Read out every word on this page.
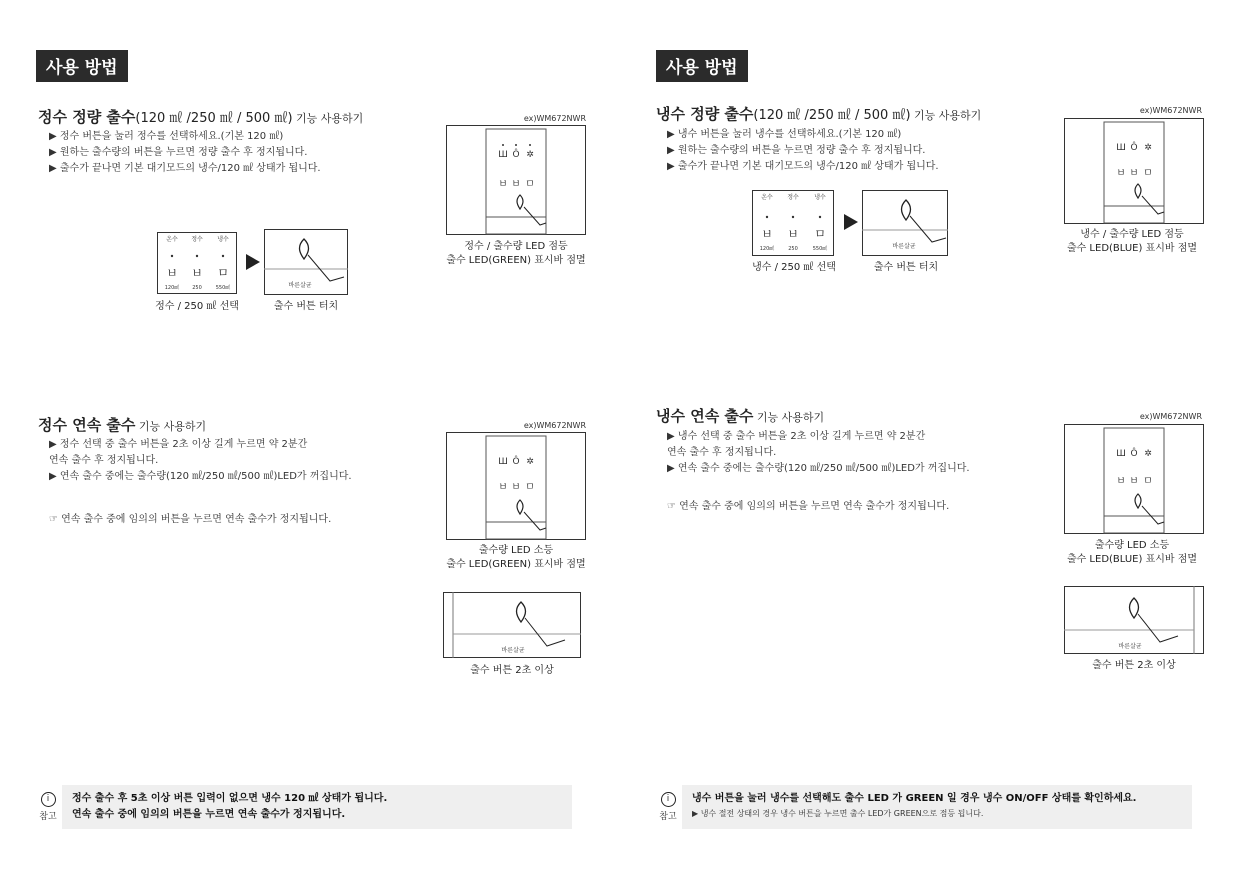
사용 방법
정수 정량 출수(120 ㎖ /250 ㎖ / 500 ㎖) 기능 사용하기
▶ 정수 버튼을 눌러 정수를 선택하세요.(기본 120 ㎖)
▶ 원하는 출수량의 버튼을 누르면 정량 출수 후 정지됩니다.
▶ 출수가 끝나면 기본 대기모드의 냉수/120 ㎖ 상태가 됩니다.
ex)WM672NWR
Ш Ô ✲
ㅂ ㅂ ㅁ
정수 / 출수량 LED 점등
출수 LED(GREEN) 표시바 점멸
온수 정수 냉수
ㅂ ㅂ ㅁ
120㎖	250	550㎖	바른살균
정수 / 250 ㎖ 선택	출수 버튼 터치
정수 연속 출수 기능 사용하기
▶ 정수 선택 중 출수 버튼을 2초 이상 길게 누르면 약 2분간
연속 출수 후 정지됩니다.
▶ 연속 출수 중에는 출수량(120 ㎖/250 ㎖/500 ㎖)LED가 꺼집니다.
☞ 연속 출수 중에 임의의 버튼을 누르면 연속 출수가 정지됩니다.
ex)WM672NWR
Ш Ô ✲
ㅂ ㅂ ㅁ
출수량 LED 소등
출수 LED(GREEN) 표시바 점멸
바른살균
출수 버튼 2초 이상
i
참고
정수 출수 후 5초 이상 버튼 입력이 없으면 냉수 120 ㎖ 상태가 됩니다.
연속 출수 중에 임의의 버튼을 누르면 연속 출수가 정지됩니다.
사용 방법
냉수 정량 출수(120 ㎖ /250 ㎖ / 500 ㎖) 기능 사용하기
▶ 냉수 버튼을 눌러 냉수를 선택하세요.(기본 120 ㎖)
▶ 원하는 출수량의 버튼을 누르면 정량 출수 후 정지됩니다.
▶ 출수가 끝나면 기본 대기모드의 냉수/120 ㎖ 상태가 됩니다.
ex)WM672NWR
Ш Ô ✲
ㅂ ㅂ ㅁ
냉수 / 출수량 LED 점등
출수 LED(BLUE) 표시바 점멸
온수 정수	냉수
ㅂ ㅂ ㅁ
120㎖	250	550㎖	바른살균
냉수 / 250 ㎖ 선택	출수 버튼 터치
냉수 연속 출수 기능 사용하기
▶ 냉수 선택 중 출수 버튼을 2초 이상 길게 누르면 약 2분간
연속 출수 후 정지됩니다.
▶ 연속 출수 중에는 출수량(120 ㎖/250 ㎖/500 ㎖)LED가 꺼집니다.
☞ 연속 출수 중에 임의의 버튼을 누르면 연속 출수가 정지됩니다.
ex)WM672NWR
Ш Ô ✲
ㅂ ㅂ ㅁ
출수량 LED 소등
출수 LED(BLUE) 표시바 점멸
바른살균
출수 버튼 2초 이상
i
참고
냉수 버튼을 눌러 냉수를 선택해도 출수 LED 가 GREEN 일 경우 냉수 ON/OFF 상태를 확인하세요.
▶ 냉수 절전 상태의 경우 냉수 버튼을 누르면 출수 LED가 GREEN으로 점등 됩니다.
